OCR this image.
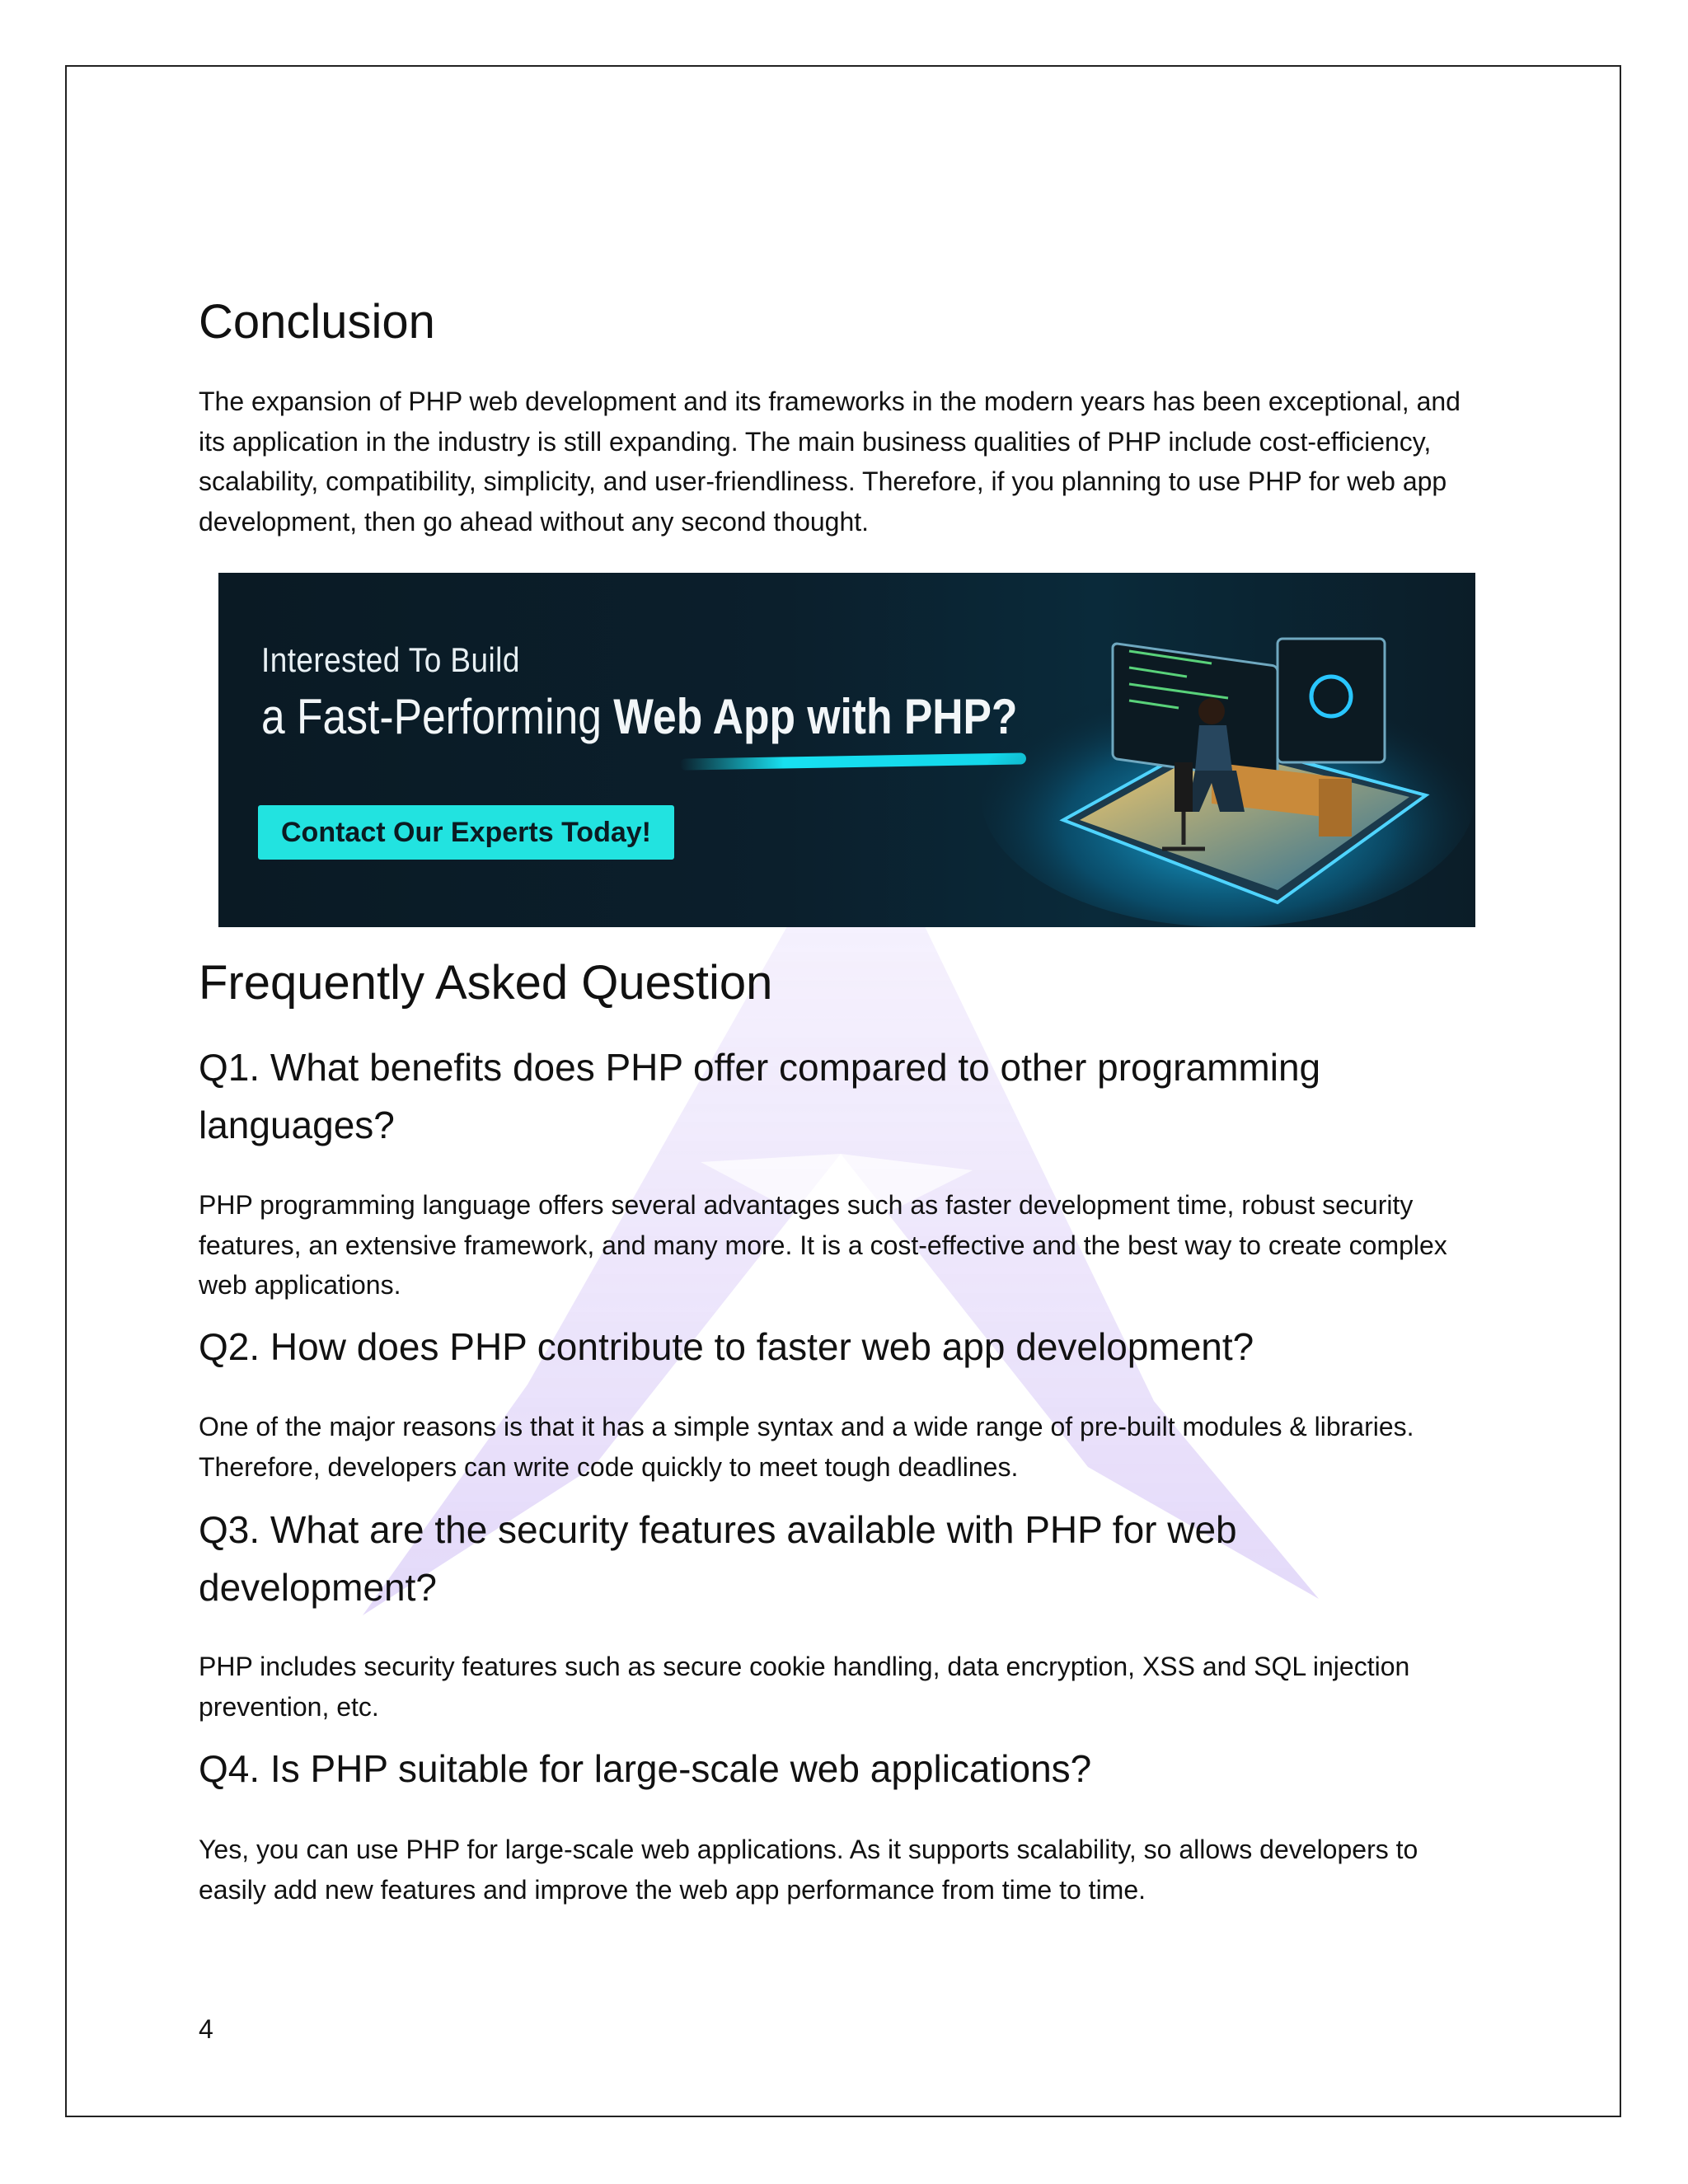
Conclusion

The expansion of PHP web development and its frameworks in the modern years has been exceptional, and its application in the industry is still expanding. The main business qualities of PHP include cost-efficiency, scalability, compatibility, simplicity, and user-friendliness. Therefore, if you planning to use PHP for web app development, then go ahead without any second thought.

Interested To Build
a Fast-Performing Web App with PHP?
Contact Our Experts Today!
Frequently Asked Question
Q1. What benefits does PHP offer compared to other programming languages?

PHP programming language offers several advantages such as faster development time, robust security features, an extensive framework, and many more. It is a cost-effective and the best way to create complex web applications.

Q2. How does PHP contribute to faster web app development?

One of the major reasons is that it has a simple syntax and a wide range of pre-built modules & libraries. Therefore, developers can write code quickly to meet tough deadlines.

Q3. What are the security features available with PHP for web development?

PHP includes security features such as secure cookie handling, data encryption, XSS and SQL injection prevention, etc.

Q4. Is PHP suitable for large-scale web applications?

Yes, you can use PHP for large-scale web applications. As it supports scalability, so allows developers to easily add new features and improve the web app performance from time to time.

4
